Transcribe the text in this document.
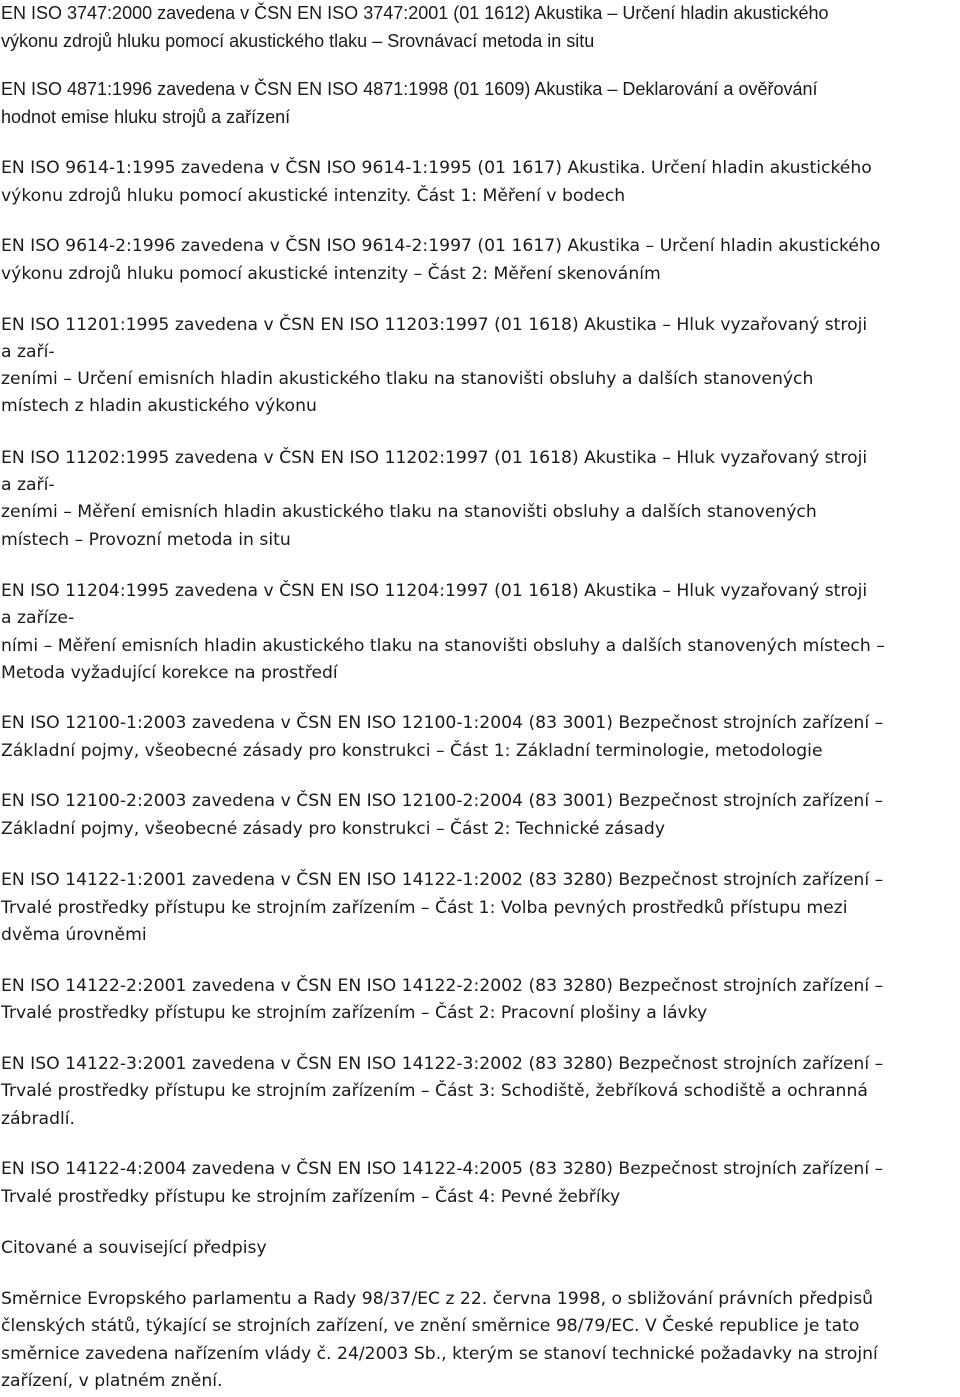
EN ISO 3747:2000 zavedena v ČSN EN ISO 3747:2001 (01 1612) Akustika – Určení hladin akustického
výkonu zdrojů hluku pomocí akustického tlaku – Srovnávací metoda in situ
EN ISO 4871:1996 zavedena v ČSN EN ISO 4871:1998 (01 1609) Akustika – Deklarování a ověřování
hodnot emise hluku strojů a zařízení
EN ISO 9614-1:1995 zavedena v ČSN ISO 9614-1:1995 (01 1617) Akustika. Určení hladin akustického
výkonu zdrojů hluku pomocí akustické intenzity. Část 1: Měření v bodech
EN ISO 9614-2:1996 zavedena v ČSN ISO 9614-2:1997 (01 1617) Akustika – Určení hladin akustického
výkonu zdrojů hluku pomocí akustické intenzity – Část 2: Měření skenováním
EN ISO 11201:1995 zavedena v ČSN EN ISO 11203:1997 (01 1618) Akustika – Hluk vyzařovaný stroji
a zaří-
zeními – Určení emisních hladin akustického tlaku na stanovišti obsluhy a dalších stanovených
místech z hladin akustického výkonu
EN ISO 11202:1995 zavedena v ČSN EN ISO 11202:1997 (01 1618) Akustika – Hluk vyzařovaný stroji
a zaří-
zeními – Měření emisních hladin akustického tlaku na stanovišti obsluhy a dalších stanovených
místech – Provozní metoda in situ
EN ISO 11204:1995 zavedena v ČSN EN ISO 11204:1997 (01 1618) Akustika – Hluk vyzařovaný stroji
a zaříze-
ními – Měření emisních hladin akustického tlaku na stanovišti obsluhy a dalších stanovených místech –
Metoda vyžadující korekce na prostředí
EN ISO 12100-1:2003 zavedena v ČSN EN ISO 12100-1:2004 (83 3001) Bezpečnost strojních zařízení –
Základní pojmy, všeobecné zásady pro konstrukci – Část 1: Základní terminologie, metodologie
EN ISO 12100-2:2003 zavedena v ČSN EN ISO 12100-2:2004 (83 3001) Bezpečnost strojních zařízení –
Základní pojmy, všeobecné zásady pro konstrukci – Část 2: Technické zásady
EN ISO 14122-1:2001 zavedena v ČSN EN ISO 14122-1:2002 (83 3280) Bezpečnost strojních zařízení –
Trvalé prostředky přístupu ke strojním zařízením – Část 1: Volba pevných prostředků přístupu mezi
dvěma úrovněmi
EN ISO 14122-2:2001 zavedena v ČSN EN ISO 14122-2:2002 (83 3280) Bezpečnost strojních zařízení –
Trvalé prostředky přístupu ke strojním zařízením – Část 2: Pracovní plošiny a lávky
EN ISO 14122-3:2001 zavedena v ČSN EN ISO 14122-3:2002 (83 3280) Bezpečnost strojních zařízení –
Trvalé prostředky přístupu ke strojním zařízením – Část 3: Schodiště, žebříková schodiště a ochranná
zábradlí.
EN ISO 14122-4:2004 zavedena v ČSN EN ISO 14122-4:2005 (83 3280) Bezpečnost strojních zařízení –
Trvalé prostředky přístupu ke strojním zařízením – Část 4: Pevné žebříky
Citované a související předpisy
Směrnice Evropského parlamentu a Rady 98/37/EC z 22. června 1998, o sbližování právních předpisů
členských států, týkající se strojních zařízení, ve znění směrnice 98/79/EC. V České republice je tato
směrnice zavedena nařízením vlády č. 24/2003 Sb., kterým se stanoví technické požadavky na strojní
zařízení, v platném znění.
